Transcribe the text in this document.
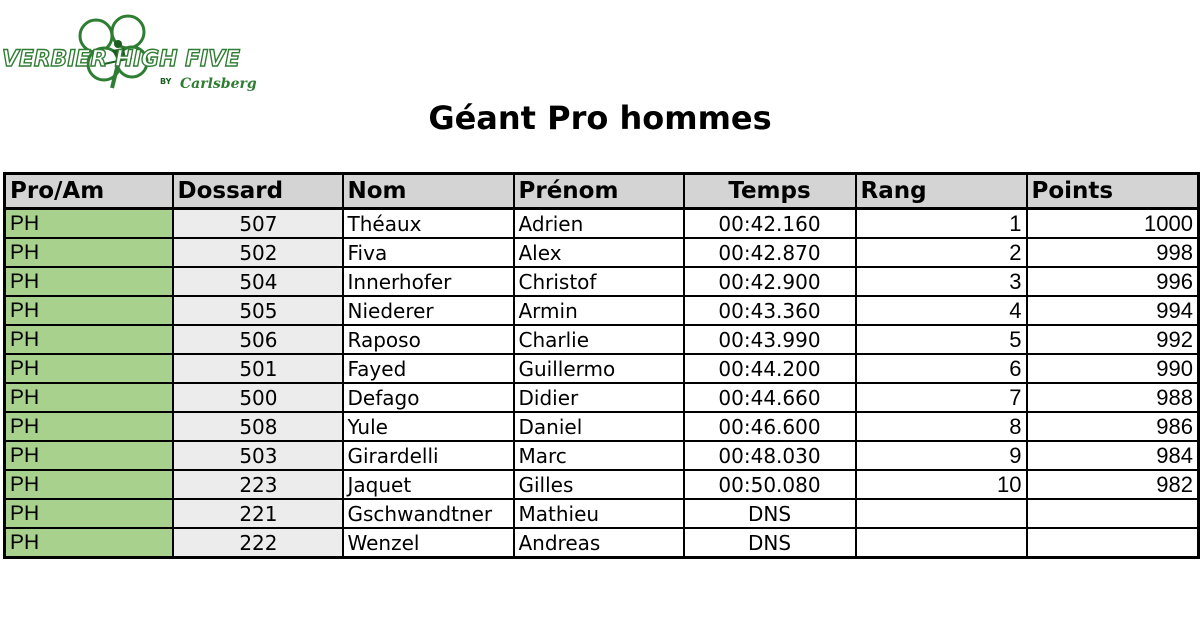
VERBIER HIGH FIVE
BY Carlsberg
Géant Pro hommes
Pro/Am	Dossard	Nom	Prénom	Temps	Rang	Points
PH	507	Théaux	Adrien	00:42.160	1	1000
PH	502	Fiva	Alex	00:42.870	2	998
PH	504	Innerhofer	Christof	00:42.900	3	996
PH	505	Niederer	Armin	00:43.360	4	994
PH	506	Raposo	Charlie	00:43.990	5	992
PH	501	Fayed	Guillermo	00:44.200	6	990
PH	500	Defago	Didier	00:44.660	7	988
PH	508	Yule	Daniel	00:46.600	8	986
PH	503	Girardelli	Marc	00:48.030	9	984
PH	223	Jaquet	Gilles	00:50.080	10	982
PH	221	Gschwandtner	Mathieu	DNS		
PH	222	Wenzel	Andreas	DNS		
